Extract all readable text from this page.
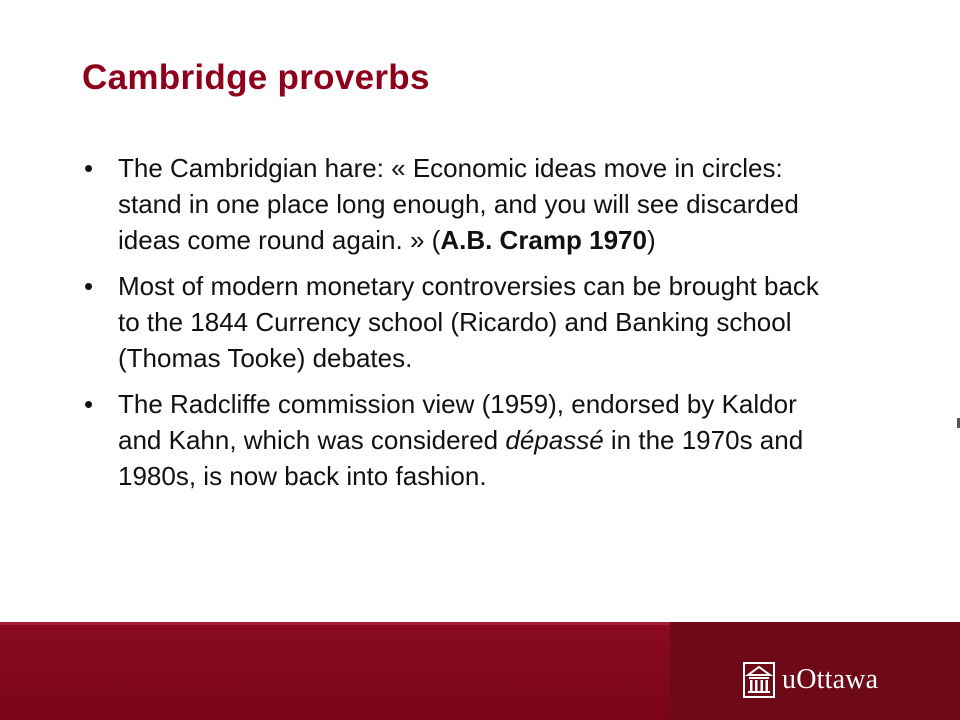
Cambridge proverbs
• The Cambridgian hare: « Economic ideas move in circles: stand in one place long enough, and you will see discarded ideas come round again. » (A.B. Cramp 1970)
• Most of modern monetary controversies can be brought back to the 1844 Currency school (Ricardo) and Banking school (Thomas Tooke) debates.
• The Radcliffe commission view (1959), endorsed by Kaldor and Kahn, which was considered dépassé in the 1970s and 1980s, is now back into fashion.
uOttawa
